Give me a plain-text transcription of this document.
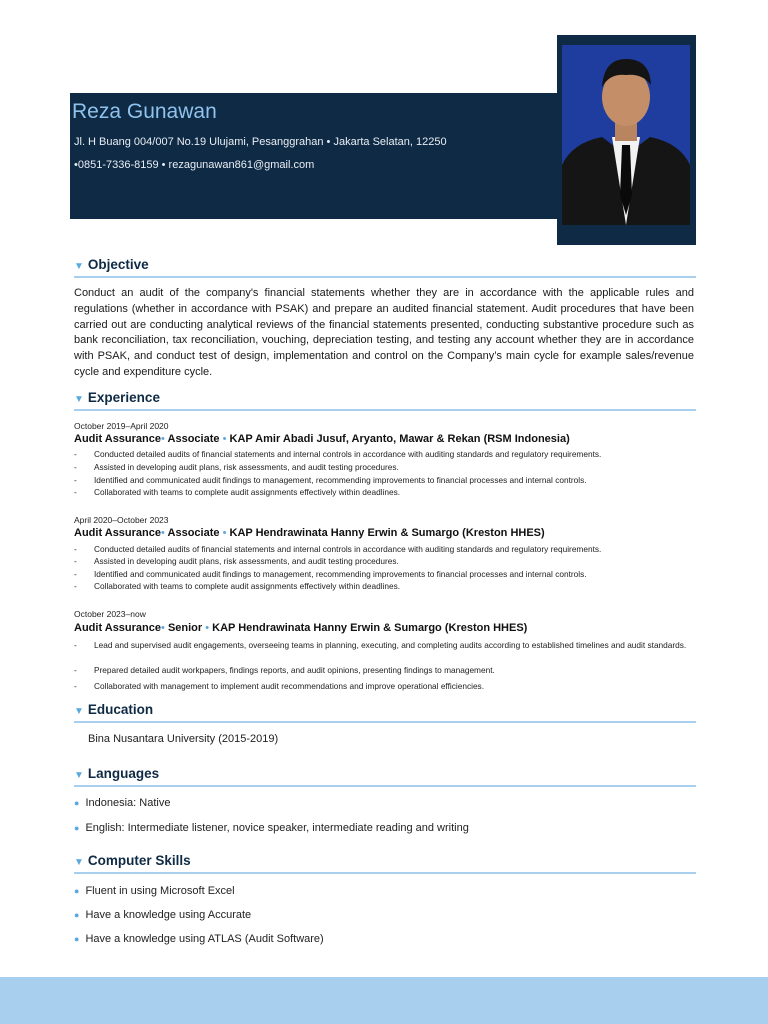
Reza Gunawan
Jl. H Buang 004/007 No.19 Ulujami, Pesanggrahan • Jakarta Selatan, 12250
•0851-7336-8159 • rezagunawan861@gmail.com
▼ Objective
Conduct an audit of the company's financial statements whether they are in accordance with the applicable rules and regulations (whether in accordance with PSAK) and prepare an audited financial statement. Audit procedures that have been carried out are conducting analytical reviews of the financial statements presented, conducting substantive procedure such as bank reconciliation, tax reconciliation, vouching, depreciation testing, and testing any account whether they are in accordance with PSAK, and conduct test of design, implementation and control on the Company’s main cycle for example sales/revenue cycle and expenditure cycle.
▼ Experience
October 2019–April 2020
Audit Assurance• Associate • KAP Amir Abadi Jusuf, Aryanto, Mawar & Rekan (RSM Indonesia)
- Conducted detailed audits of financial statements and internal controls in accordance with auditing standards and regulatory requirements.
- Assisted in developing audit plans, risk assessments, and audit testing procedures.
- Identified and communicated audit findings to management, recommending improvements to financial processes and internal controls.
- Collaborated with teams to complete audit assignments effectively within deadlines.
April 2020–October 2023
Audit Assurance• Associate • KAP Hendrawinata Hanny Erwin & Sumargo (Kreston HHES)
- Conducted detailed audits of financial statements and internal controls in accordance with auditing standards and regulatory requirements.
- Assisted in developing audit plans, risk assessments, and audit testing procedures.
- Identified and communicated audit findings to management, recommending improvements to financial processes and internal controls.
- Collaborated with teams to complete audit assignments effectively within deadlines.
October 2023–now
Audit Assurance• Senior • KAP Hendrawinata Hanny Erwin & Sumargo (Kreston HHES)
- Lead and supervised audit engagements, overseeing teams in planning, executing, and completing audits according to established timelines and audit standards.
- Prepared detailed audit workpapers, findings reports, and audit opinions, presenting findings to management.
- Collaborated with management to implement audit recommendations and improve operational efficiencies.
▼ Education
Bina Nusantara University (2015-2019)
▼ Languages
● Indonesia: Native
● English: Intermediate listener, novice speaker, intermediate reading and writing
▼ Computer Skills
● Fluent in using Microsoft Excel
● Have a knowledge using Accurate
● Have a knowledge using ATLAS (Audit Software)
